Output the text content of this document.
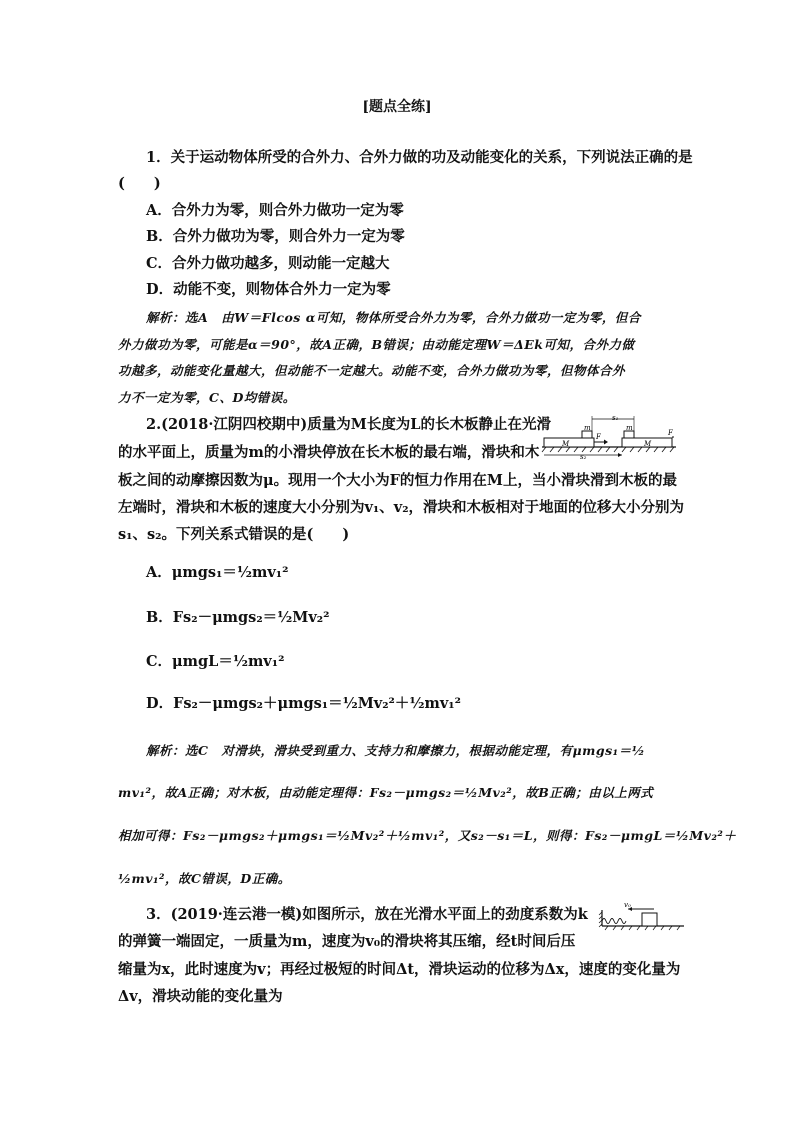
[题点全练]
1．关于运动物体所受的合外力、合外力做的功及动能变化的关系，下列说法正确的是
(　　)
A．合外力为零，则合外力做功一定为零
B．合外力做功为零，则合外力一定为零
C．合外力做功越多，则动能一定越大
D．动能不变，则物体合外力一定为零
解析：选A　由W＝Flcos α可知，物体所受合外力为零，合外力做功一定为零，但合
外力做功为零，可能是α＝90°，故A正确，B错误；由动能定理W＝ΔEk可知，合外力做
功越多，动能变化量越大，但动能不一定越大。动能不变，合外力做功为零，但物体合外
力不一定为零，C、D均错误。
2.(2018·江阴四校期中)质量为M长度为L的长木板静止在光滑
的水平面上，质量为m的小滑块停放在长木板的最右端，滑块和木
板之间的动摩擦因数为μ。现用一个大小为F的恒力作用在M上，当小滑块滑到木板的最
左端时，滑块和木板的速度大小分别为v₁、v₂，滑块和木板相对于地面的位移大小分别为
s₁、s₂。下列关系式错误的是(　　)
s₁
m
M
F
m
M
F
s₂
A．μmgs₁＝½mv₁²
B．Fs₂－μmgs₂＝½Mv₂²
C．μmgL＝½mv₁²
D．Fs₂－μmgs₂＋μmgs₁＝½Mv₂²＋½mv₁²
解析：选C　对滑块，滑块受到重力、支持力和摩擦力，根据动能定理，有μmgs₁＝½
mv₁²，故A正确；对木板，由动能定理得：Fs₂－μmgs₂＝½Mv₂²，故B正确；由以上两式
相加可得：Fs₂－μmgs₂＋μmgs₁＝½Mv₂²＋½mv₁²，又s₂－s₁＝L，则得：Fs₂－μmgL＝½Mv₂²＋
½mv₁²，故C错误，D正确。
3．(2019·连云港一模)如图所示，放在光滑水平面上的劲度系数为k
的弹簧一端固定，一质量为m，速度为v₀的滑块将其压缩，经t时间后压
缩量为x，此时速度为v；再经过极短的时间Δt，滑块运动的位移为Δx，速度的变化量为
Δv，滑块动能的变化量为
v₀
